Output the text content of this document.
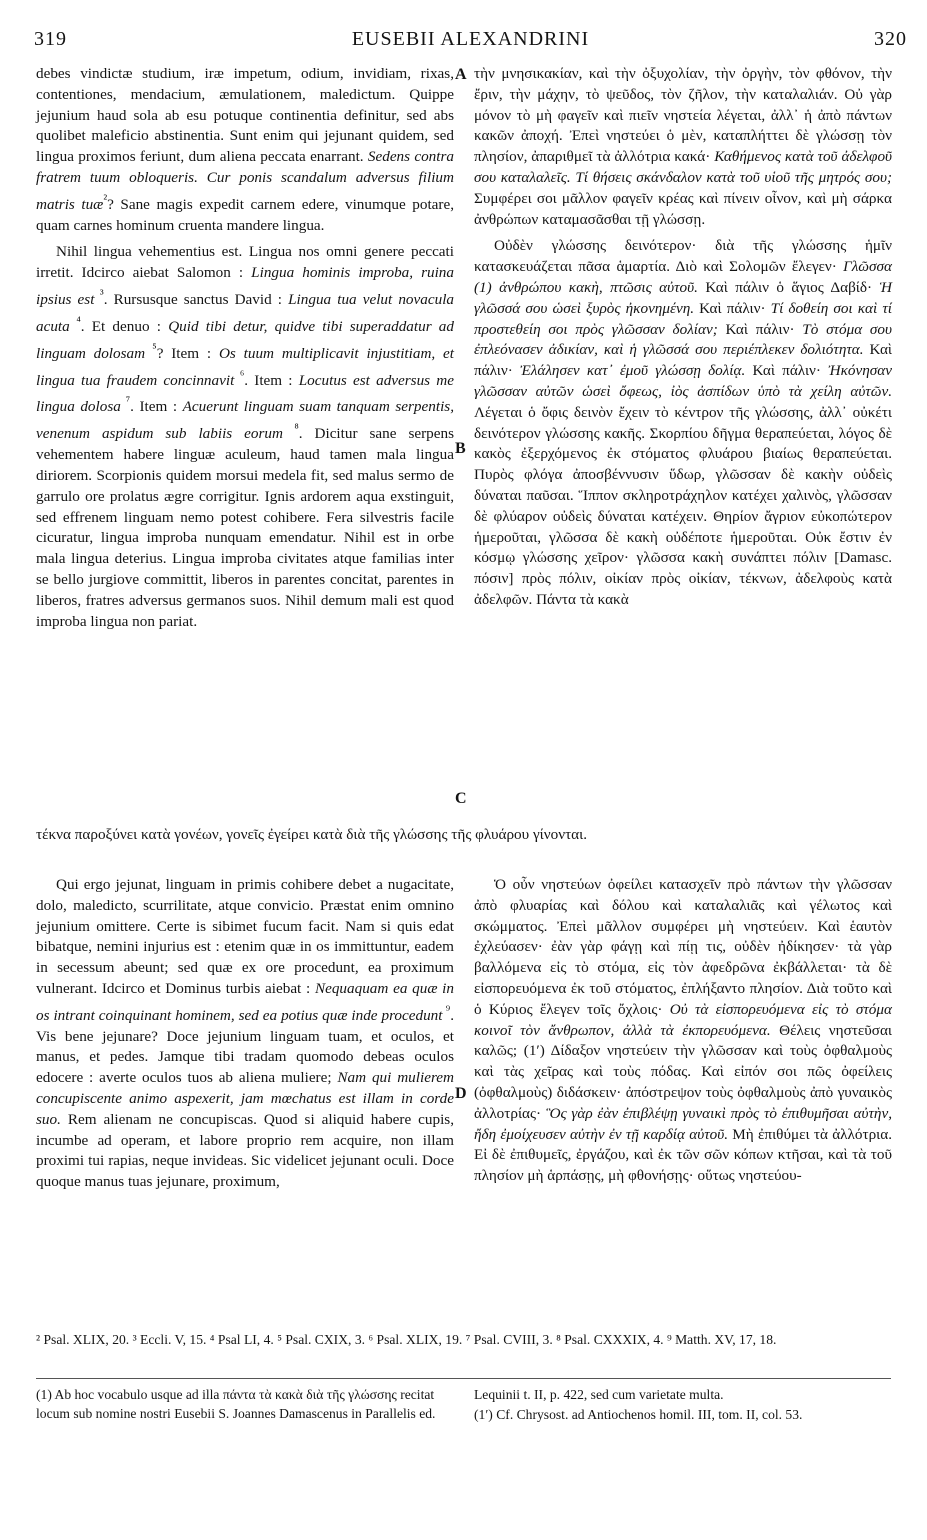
319	EUSEBII ALEXANDRINI	320
A
B
C
D

debes vindictæ studium, iræ impetum, odium, invidiam, rixas, contentiones, mendacium, æmulationem, maledictum. Quippe jejunium haud sola ab esu potuque continentia definitur, sed abs quolibet maleficio abstinentia. Sunt enim qui jejunant quidem, sed lingua proximos feriunt, dum aliena peccata enarrant. Sedens contra fratrem tuum obloqueris. Cur ponis scandalum adversus filium matris tuæ$^{^2}$? Sane magis expedit carnem edere, vinumque potare, quam carnes hominum cruenta mandere lingua.

Nihil lingua vehementius est. Lingua nos omni genere peccati irretit. Idcirco aiebat Salomon : Lingua hominis improba, ruina ipsius est $^{^3}$. Rursusque sanctus David : Lingua tua velut novacula acuta $^{^4}$. Et denuo : Quid tibi detur, quidve tibi superaddatur ad linguam dolosam $^{^5}$? Item : Os tuum multiplicavit injustitiam, et lingua tua fraudem concinnavit $^{^6}$. Item : Locutus est adversus me lingua dolosa $^{^7}$. Item : Acuerunt linguam suam tanquam serpentis, venenum aspidum sub labiis eorum $^{^8}$. Dicitur sane serpens vehementem habere linguæ aculeum, haud tamen mala lingua diriorem. Scorpionis quidem morsui medela fit, sed malus sermo de garrulo ore prolatus ægre corrigitur. Ignis ardorem aqua exstinguit, sed effrenem linguam nemo potest cohibere. Fera silvestris facile cicuratur, lingua improba nunquam emendatur. Nihil est in orbe mala lingua deterius. Lingua improba civitates atque familias inter se bello jurgiove committit, liberos in parentes concitat, parentes in liberos, fratres adversus germanos suos. Nihil demum mali est quod improba lingua non pariat.

τὴν μνησικακίαν, καὶ τὴν ὀξυχολίαν, τὴν ὀργὴν, τὸν φθόνον, τὴν ἔριν, τὴν μάχην, τὸ ψεῦδος, τὸν ζῆλον, τὴν καταλαλιάν. Οὐ γὰρ μόνον τὸ μὴ φαγεῖν καὶ πιεῖν νηστεία λέγεται, ἀλλ᾽ ἡ ἀπὸ πάντων κακῶν ἀποχή. Ἐπεὶ νηστεύει ὁ μὲν, καταπλήττει δὲ γλώσσῃ τὸν πλησίον, ἀπαριθμεῖ τὰ ἀλλότρια κακά· Καθήμενος κατὰ τοῦ ἀδελφοῦ σου καταλαλεῖς. Τί θήσεις σκάνδαλον κατὰ τοῦ υἱοῦ τῆς μητρός σου; Συμφέρει σοι μᾶλλον φαγεῖν κρέας καὶ πίνειν οἶνον, καὶ μὴ σάρκα ἀνθρώπων καταμασᾶσθαι τῇ γλώσσῃ.

Οὐδὲν γλώσσης δεινότερον· διὰ τῆς γλώσσης ἡμῖν κατασκευάζεται πᾶσα ἁμαρτία. Διὸ καὶ Σολομῶν ἔλεγεν· Γλῶσσα (1) ἀνθρώπου κακὴ, πτῶσις αὐτοῦ. Καὶ πάλιν ὁ ἅγιος Δαβίδ· Ἡ γλῶσσά σου ὡσεὶ ξυρὸς ἠκονημένη. Καὶ πάλιν· Τί δοθείη σοι καὶ τί προστεθείη σοι πρὸς γλῶσσαν δολίαν; Καὶ πάλιν· Τὸ στόμα σου ἐπλεόνασεν ἀδικίαν, καὶ ἡ γλῶσσά σου περιέπλεκεν δολιότητα. Καὶ πάλιν· Ἐλάλησεν κατ᾽ ἐμοῦ γλώσσῃ δολίᾳ. Καὶ πάλιν· Ἠκόνησαν γλῶσσαν αὐτῶν ὡσεὶ ὄφεως, ἰὸς ἀσπίδων ὑπὸ τὰ χείλη αὐτῶν. Λέγεται ὁ ὄφις δεινὸν ἔχειν τὸ κέντρον τῆς γλώσσης, ἀλλ᾽ οὐκέτι δεινότερον γλώσσης κακῆς. Σκορπίου δῆγμα θεραπεύεται, λόγος δὲ κακὸς ἐξερχόμενος ἐκ στόματος φλυάρου βιαίως θεραπεύεται. Πυρὸς φλόγα ἀποσβέννυσιν ὕδωρ, γλῶσσαν δὲ κακὴν οὐδεὶς δύναται παῦσαι. Ἵππον σκληροτράχηλον κατέχει χαλινὸς, γλῶσσαν δὲ φλύαρον οὐδεὶς δύναται κατέχειν. Θηρίον ἄγριον εὐκοπώτερον ἡμεροῦται, γλῶσσα δὲ κακὴ οὐδέποτε ἡμεροῦται. Οὐκ ἔστιν ἐν κόσμῳ γλώσσης χεῖρον· γλῶσσα κακὴ συνάπτει πόλιν [Damasc. πόσιν] πρὸς πόλιν, οἰκίαν πρὸς οἰκίαν, τέκνων, ἀδελφοὺς κατὰ ἀδελφῶν. Πάντα τὰ κακὰ

τέκνα παροξύνει κατὰ γονέων, γονεῖς ἐγείρει κατὰ διὰ τῆς γλώσσης τῆς φλυάρου γίνονται.

Qui ergo jejunat, linguam in primis cohibere debet a nugacitate, dolo, maledicto, scurrilitate, atque convicio. Præstat enim omnino jejunium omittere. Certe is sibimet fucum facit. Nam si quis edat bibatque, nemini injurius est : etenim quæ in os immittuntur, eadem in secessum abeunt; sed quæ ex ore procedunt, ea proximum vulnerant. Idcirco et Dominus turbis aiebat : Nequaquam ea quæ in os intrant coinquinant hominem, sed ea potius quæ inde procedunt $^{^9}$. Vis bene jejunare? Doce jejunium linguam tuam, et oculos, et manus, et pedes. Jamque tibi tradam quomodo debeas oculos edocere : averte oculos tuos ab aliena muliere; Nam qui mulierem concupiscente animo aspexerit, jam mœchatus est illam in corde suo. Rem alienam ne concupiscas. Quod si aliquid habere cupis, incumbe ad operam, et labore proprio rem acquire, non illam proximi tui rapias, neque invideas. Sic videlicet jejunant oculi. Doce quoque manus tuas jejunare, proximum,

Ὁ οὖν νηστεύων ὀφείλει κατασχεῖν πρὸ πάντων τὴν γλῶσσαν ἀπὸ φλυαρίας καὶ δόλου καὶ καταλαλιᾶς καὶ γέλωτος καὶ σκώμματος. Ἐπεὶ μᾶλλον συμφέρει μὴ νηστεύειν. Καὶ ἑαυτὸν ἐχλεύασεν· ἐὰν γὰρ φάγῃ καὶ πίῃ τις, οὐδὲν ἠδίκησεν· τὰ γὰρ βαλλόμενα εἰς τὸ στόμα, εἰς τὸν ἀφεδρῶνα ἐκβάλλεται· τὰ δὲ εἰσπορευόμενα ἐκ τοῦ στόματος, ἐπλήξαντο πλησίον. Διὰ τοῦτο καὶ ὁ Κύριος ἔλεγεν τοῖς ὄχλοις· Οὐ τὰ εἰσπορευόμενα εἰς τὸ στόμα κοινοῖ τὸν ἄνθρωπον, ἀλλὰ τὰ ἐκπορευόμενα. Θέλεις νηστεῦσαι καλῶς; (1′) Δίδαξον νηστεύειν τὴν γλῶσσαν καὶ τοὺς ὀφθαλμοὺς καὶ τὰς χεῖρας καὶ τοὺς πόδας. Καὶ εἰπόν σοι πῶς ὀφείλεις (ὀφθαλμοὺς) διδάσκειν· ἀπόστρεψον τοὺς ὀφθαλμοὺς ἀπὸ γυναικὸς ἀλλοτρίας· Ὃς γὰρ ἐὰν ἐπιβλέψῃ γυναικὶ πρὸς τὸ ἐπιθυμῆσαι αὐτὴν, ἤδη ἐμοίχευσεν αὐτὴν ἐν τῇ καρδίᾳ αὐτοῦ. Μὴ ἐπιθύμει τὰ ἀλλότρια. Εἰ δὲ ἐπιθυμεῖς, ἐργάζου, καὶ ἐκ τῶν σῶν κόπων κτῆσαι, καὶ τὰ τοῦ πλησίον μὴ ἁρπάσῃς, μὴ φθονήσῃς· οὕτως νηστεύου-

² Psal. XLIX, 20. ³ Eccli. V, 15. ⁴ Psal LI, 4. ⁵ Psal. CXIX, 3. ⁶ Psal. XLIX, 19. ⁷ Psal. CVIII, 3. ⁸ Psal. CXXXIX, 4. ⁹ Matth. XV, 17, 18.
(1) Ab hoc vocabulo usque ad illa πάντα τὰ κακὰ διὰ τῆς γλώσσης recitat locum sub nomine nostri Eusebii S. Joannes Damascenus in Parallelis ed.
Lequinii t. II, p. 422, sed cum varietate multa.
(1′) Cf. Chrysost. ad Antiochenos homil. III, tom. II, col. 53.
